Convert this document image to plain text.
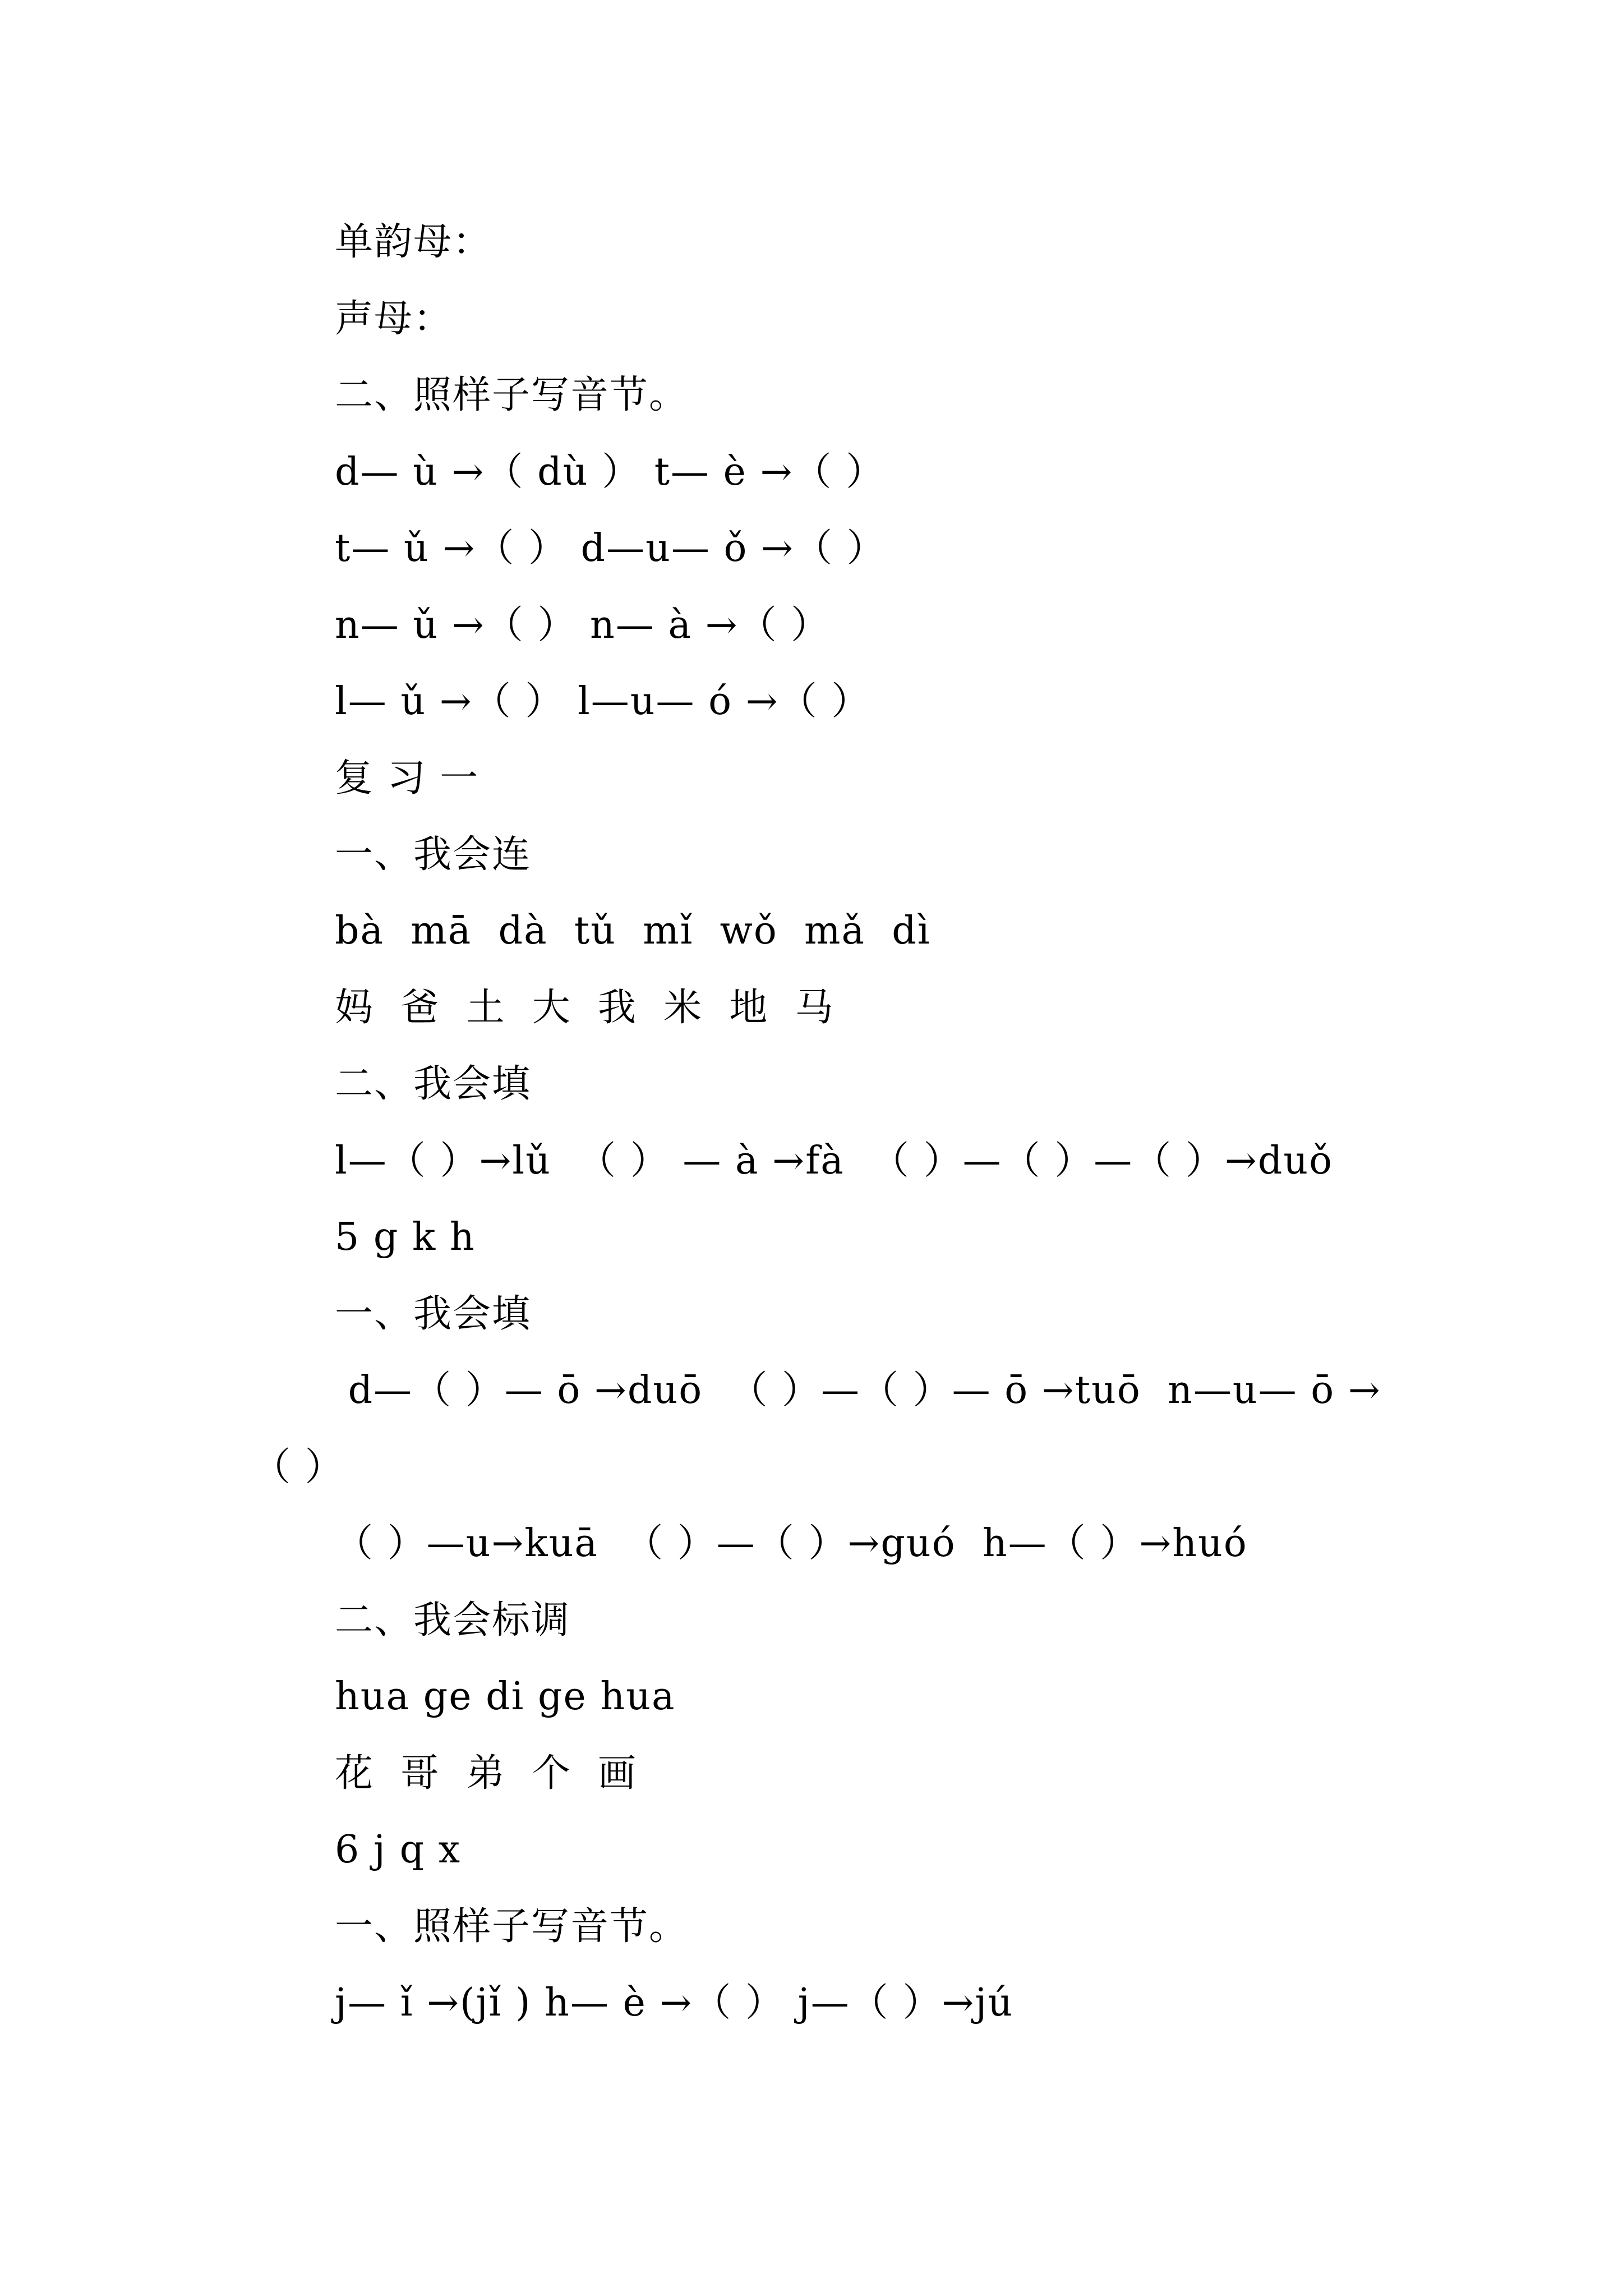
单韵母：
声母：
二、照样子写音节。
d— ù →（ dù ） t— è →（ ）
t— ǔ →（ ） d—u— ǒ →（ ）
n— ǔ →（ ） n— à →（ ）
l— ǔ →（ ） l—u— ó →（ ）
复 习 一
一、我会连
bà  mā  dà  tǔ  mǐ  wǒ  mǎ  dì
妈  爸  土  大  我  米  地  马
二、我会填
l—（ ）→lǔ  （ ） — à →fà  （ ）—（ ）—（ ）→duǒ
5 g k h
一、我会填
d—（ ）— ō →duō  （ ）—（ ）— ō →tuō  n—u— ō →
（ ）
（ ）—u→kuā  （ ）—（ ）→guó  h—（ ）→huó
二、我会标调
hua ge di ge hua
花  哥  弟  个  画
6 j q x
一、照样子写音节。
j— ǐ →(jǐ ) h— è →（ ） j—（ ）→jú
